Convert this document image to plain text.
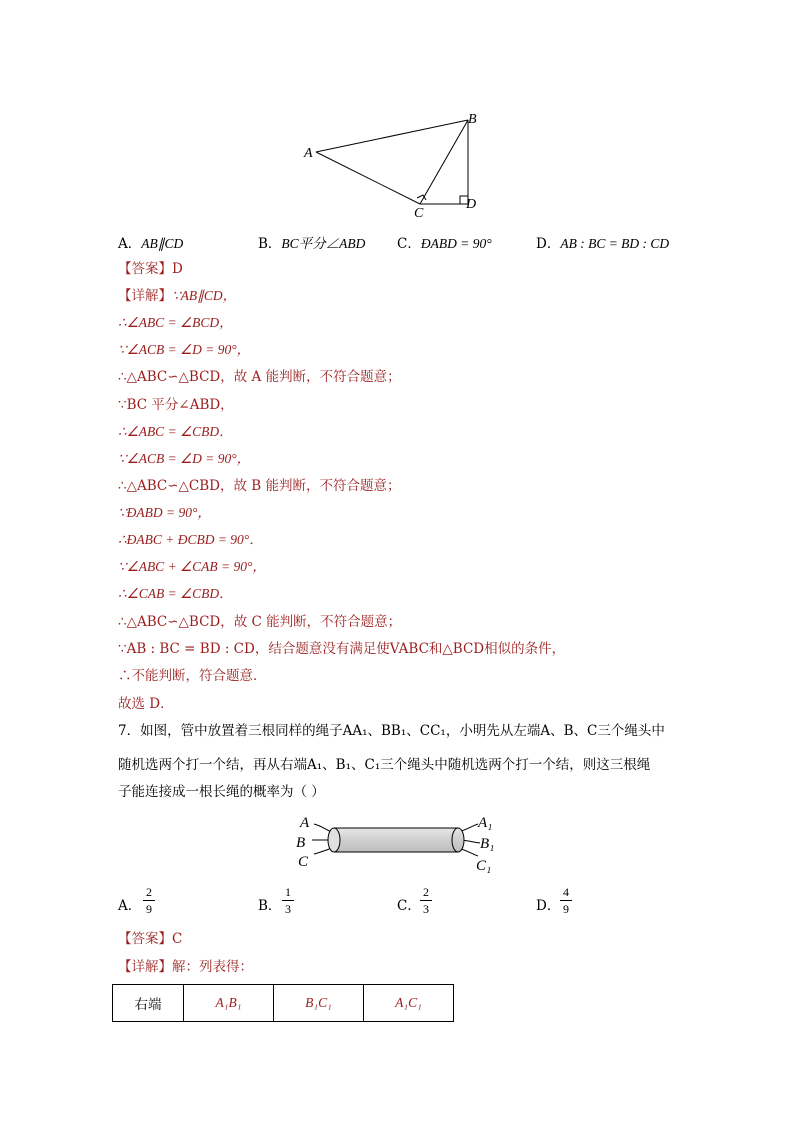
A
B
C
D
A．AB∥CD	B．BC平分∠ABD C．ÐABD = 90°	D．AB : BC = BD : CD
【答案】D
【详解】∵AB∥CD，
∴∠ABC = ∠BCD，
∵∠ACB = ∠D = 90°，
∴△ABC∽△BCD，故 A 能判断，不符合题意；
∵BC 平分∠ABD，
∴∠ABC = ∠CBD．
∵∠ACB = ∠D = 90°，
∴△ABC∽△CBD，故 B 能判断，不符合题意；
∵ÐABD = 90°，
∴ÐABC + ÐCBD = 90°．
∵∠ABC + ∠CAB = 90°，
∴∠CAB = ∠CBD．
∴△ABC∽△BCD，故 C 能判断，不符合题意；
∵AB : BC = BD : CD，结合题意没有满足使VABC和△BCD相似的条件，
∴不能判断，符合题意．
故选 D．
7．如图，管中放置着三根同样的绳子AA₁、BB₁、CC₁，小明先从左端A、B、C三个绳头中
随机选两个打一个结，再从右端A₁、B₁、C₁三个绳头中随机选两个打一个结，则这三根绳
子能连接成一根长绳的概率为（ ）
A
B
C
A₁
B₁
C₁
A．
2
9	B．
1
3	C．
2
3	D．
4
9
【答案】C
【详解】解：列表得：
右端	A₁B₁	B₁C₁	A₁C₁
